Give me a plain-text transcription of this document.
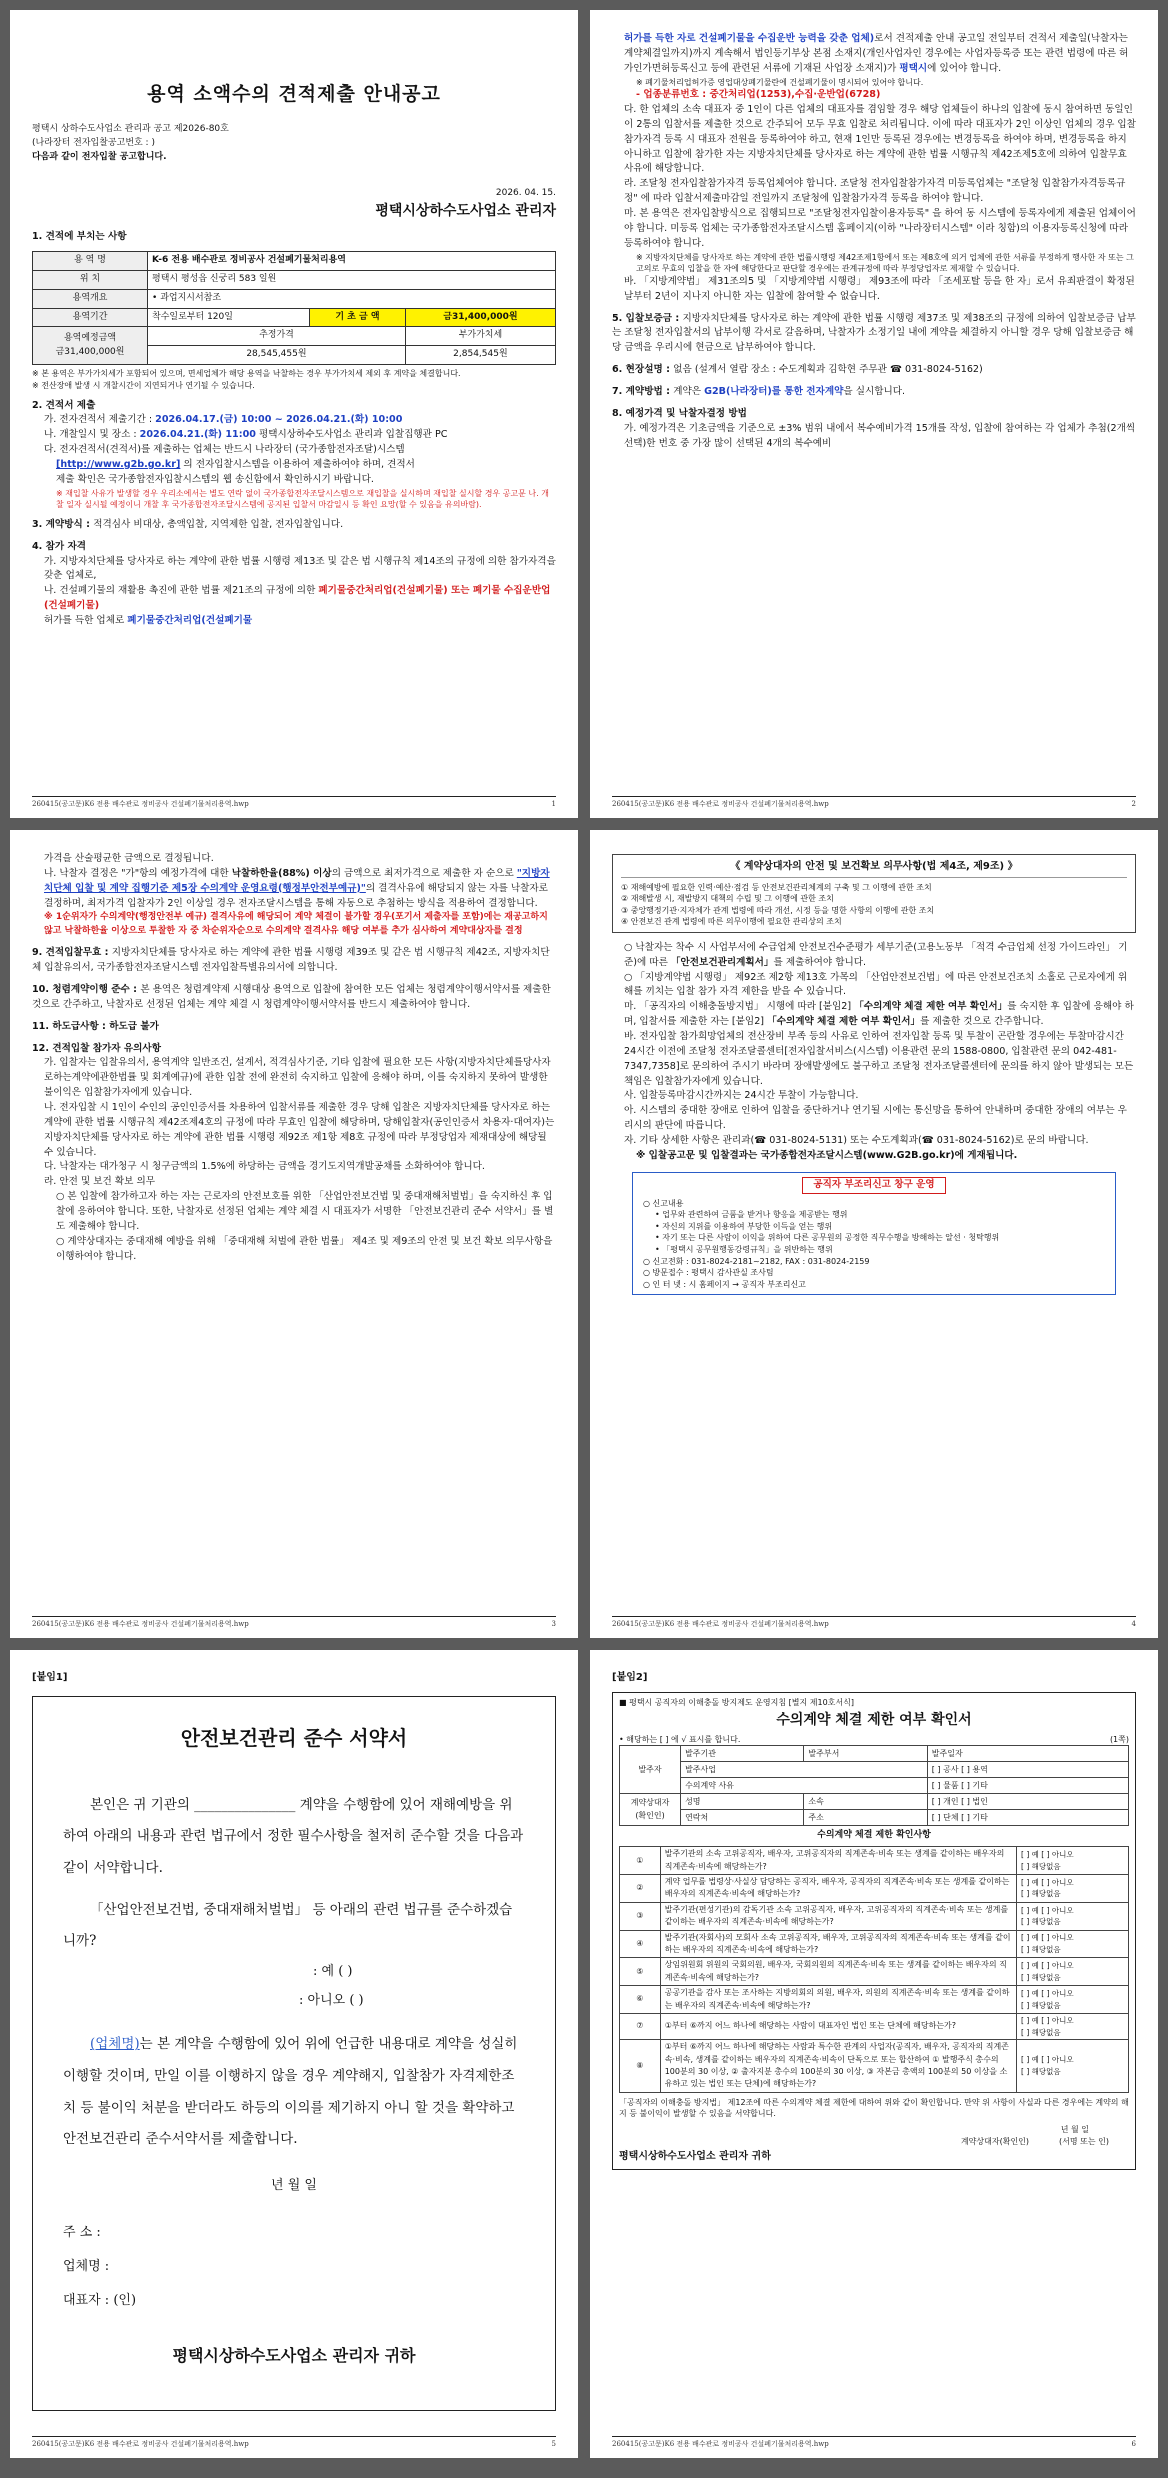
용역 소액수의 견적제출 안내공고
평택시 상하수도사업소 관리과 공고 제2026-80호
(나라장터 전자입찰공고번호 : )
다음과 같이 전자입찰 공고합니다.
2026. 04. 15.
평택시상하수도사업소 관리자
1. 견적에 부치는 사항
용 역 명	K-6 전용 배수관로 정비공사 건설폐기물처리용역		
위 치	평택시 평성읍 신궁리 583 일원		
용역개요	• 과업지시서참조		
용역기간	착수일로부터 120일	기 초 금 액	금31,400,000원
용역예정금액
금31,400,000원	추정가격		부가가치세
	28,545,455원		2,854,545원
※ 본 용역은 부가가치세가 포함되어 있으며, 면세업체가 해당 용역을 낙찰하는 경우 부가가치세 제외 후 계약을 체결합니다.
※ 전산장애 발생 시 개찰시간이 지연되거나 연기될 수 있습니다.
2. 견적서 제출
가. 전자견적서 제출기간 : 2026.04.17.(금) 10:00 ~ 2026.04.21.(화) 10:00
나. 개찰일시 및 장소 : 2026.04.21.(화) 11:00 평택시상하수도사업소 관리과 입찰집행관 PC
다. 전자견적서(견적서)를 제출하는 업체는 반드시 나라장터 (국가종합전자조달)시스템
[http://www.g2b.go.kr] 의 전자입찰시스템을 이용하여 제출하여야 하며, 견적서
제출 확인은 국가종합전자입찰시스템의 웹 송신함에서 확인하시기 바랍니다.
※ 재입찰 사유가 발생할 경우 우리소에서는 별도 연락 없이 국가종합전자조달시스템으로 재입찰을 실시하며 재입찰 실시할 경우 공고문 나. 개찰 일자 실시될 예정이니 개찰 후 국가종합전자조달시스템에 공지된 입찰서 마감일시 등 확인 요망(할 수 있음을 유의바람).
3. 계약방식 : 적격심사 비대상, 총액입찰, 지역제한 입찰, 전자입찰입니다.
4. 참가 자격
가. 지방자치단체를 당사자로 하는 계약에 관한 법률 시행령 제13조 및 같은 법 시행규칙 제14조의 규정에 의한 참가자격을 갖춘 업체로,
나. 건설폐기물의 재활용 촉진에 관한 법률 제21조의 규정에 의한 폐기물중간처리업(건설폐기물) 또는 폐기물 수집운반업(건설폐기물)
허가를 득한 업체로 폐기물중간처리업(건설폐기물
260415(공고문)K6 전용 배수관로 정비공사 건설폐기물처리용역.hwp	1
허가를 득한 자로 건설폐기물을 수집운반 능력을 갖춘 업체)로서 견적제출 안내 공고일 전일부터 견적서 제출일(낙찰자는 계약체결일까지)까지 계속해서 법인등기부상 본점 소재지(개인사업자인 경우에는 사업자등록증 또는 관련 법령에 따른 허가인가면허등록신고 등에 관련된 서류에 기재된 사업장 소재지)가 평택시에 있어야 합니다.
※ 폐기물처리업허가증 영업대상폐기물란에 건설폐기물이 명시되어 있어야 합니다.
- 업종분류번호 : 중간처리업(1253),수집·운반업(6728)
다. 한 업체의 소속 대표자 중 1인이 다른 업체의 대표자를 겸임할 경우 해당 업체들이 하나의 입찰에 동시 참여하면 동일인이 2통의 입찰서를 제출한 것으로 간주되어 모두 무효 입찰로 처리됩니다. 이에 따라 대표자가 2인 이상인 업체의 경우 입찰참가자격 등록 시 대표자 전원을 등록하여야 하고, 현재 1인만 등록된 경우에는 변경등록을 하여야 하며, 변경등록을 하지 아니하고 입찰에 참가한 자는 지방자치단체를 당사자로 하는 계약에 관한 법률 시행규칙 제42조제5호에 의하여 입찰무효사유에 해당합니다.
라. 조달청 전자입찰참가자격 등록업체여야 합니다. 조달청 전자입찰참가자격 미등록업체는 "조달청 입찰참가자격등록규정" 에 따라 입찰서제출마감일 전일까지 조달청에 입찰참가자격 등록을 하여야 합니다.
마. 본 용역은 전자입찰방식으로 집행되므로 "조달청전자입찰이용자등록" 을 하여 동 시스템에 등록자에게 제출된 업체이어야 합니다. 미등록 업체는 국가종합전자조달시스템 홈페이지(이하 "나라장터시스템" 이라 칭함)의 이용자등록신청에 따라 등록하여야 합니다.
※ 지방자치단체를 당사자로 하는 계약에 관한 법률시행령 제42조제1항에서 또는 제8호에 의거 업체에 관한 서류를 부정하게 행사한 자 또는 그 고의로 무효의 입찰을 한 자에 해당한다고 판단할 경우에는 관계규정에 따라 부정당업자로 제재할 수 있습니다.
바. 「지방계약법」 제31조의5 및 「지방계약법 시행령」 제93조에 따라 「조세포탈 등을 한 자」로서 유죄판결이 확정된 날부터 2년이 지나지 아니한 자는 입찰에 참여할 수 없습니다.
5. 입찰보증금 : 지방자치단체를 당사자로 하는 계약에 관한 법률 시행령 제37조 및 제38조의 규정에 의하여 입찰보증금 납부는 조달청 전자입찰서의 납부이행 각서로 갈음하며, 낙찰자가 소정기일 내에 계약을 체결하지 아니할 경우 당해 입찰보증금 해당 금액을 우리시에 현금으로 납부하여야 합니다.
6. 현장설명 : 없음 (설계서 열람 장소 : 수도계획과 김학현 주무관 ☎ 031-8024-5162)
7. 계약방법 : 계약은 G2B(나라장터)를 통한 전자계약을 실시합니다.
8. 예정가격 및 낙찰자결정 방법
가. 예정가격은 기초금액을 기준으로 ±3% 범위 내에서 복수예비가격 15개를 작성, 입찰에 참여하는 각 업체가 추첨(2개씩 선택)한 번호 중 가장 많이 선택된 4개의 복수예비
260415(공고문)K6 전용 배수관로 정비공사 건설폐기물처리용역.hwp	2
가격을 산술평균한 금액으로 결정됩니다.
나. 낙찰자 결정은 "가"항의 예정가격에 대한 낙찰하한율(88%) 이상의 금액으로 최저가격으로 제출한 자 순으로 "지방자치단체 입찰 및 계약 집행기준 제5장 수의계약 운영요령(행정부안전부예규)"의 결격사유에 해당되지 않는 자를 낙찰자로 결정하며, 최저가격 입찰자가 2인 이상일 경우 전자조달시스템을 통해 자동으로 추첨하는 방식을 적용하여 결정합니다.
※ 1순위자가 수의계약(행정안전부 예규) 결격사유에 해당되어 계약 체결이 불가할 경우(포기서 제출자를 포함)에는 재공고하지 않고 낙찰하한율 이상으로 투찰한 자 중 차순위자순으로 수의계약 결격사유 해당 여부를 추가 심사하여 계약대상자를 결정
9. 견적입찰무효 : 지방자치단체를 당사자로 하는 계약에 관한 법률 시행령 제39조 및 같은 법 시행규칙 제42조, 지방자치단체 입찰유의서, 국가종합전자조달시스템 전자입찰특별유의서에 의합니다.
10. 청렴계약이행 준수 : 본 용역은 청렴계약제 시행대상 용역으로 입찰에 참여한 모든 업체는 청렴계약이행서약서를 제출한 것으로 간주하고, 낙찰자로 선정된 업체는 계약 체결 시 청렴계약이행서약서를 반드시 제출하여야 합니다.
11. 하도급사항 : 하도급 불가
12. 견적입찰 참가자 유의사항
가. 입찰자는 입찰유의서, 용역계약 일반조건, 설계서, 적격심사기준, 기타 입찰에 필요한 모든 사항(지방자치단체를당사자로하는계약에관한법률 및 회계예규)에 관한 입찰 전에 완전히 숙지하고 입찰에 응해야 하며, 이를 숙지하지 못하여 발생한 불이익은 입찰참가자에게 있습니다.
나. 전자입찰 시 1인이 수인의 공인인증서를 차용하여 입찰서류를 제출한 경우 당해 입찰은 지방자치단체를 당사자로 하는 계약에 관한 법률 시행규칙 제42조제4호의 규정에 따라 무효인 입찰에 해당하며, 당해입찰자(공인인증서 차용자·대여자)는 지방자치단체를 당사자로 하는 계약에 관한 법률 시행령 제92조 제1항 제8호 규정에 따라 부정당업자 제재대상에 해당될 수 있습니다.
다. 낙찰자는 대가청구 시 청구금액의 1.5%에 하당하는 금액을 경기도지역개발공채를 소화하여야 합니다.
라. 안전 및 보건 확보 의무
○ 본 입찰에 참가하고자 하는 자는 근로자의 안전보호를 위한 「산업안전보건법 및 중대재해처벌법」을 숙지하신 후 입찰에 응하여야 합니다. 또한, 낙찰자로 선정된 업체는 계약 체결 시 대표자가 서명한 「안전보건관리 준수 서약서」를 별도 제출해야 합니다.
○ 계약상대자는 중대재해 예방을 위해 「중대재해 처벌에 관한 법률」 제4조 및 제9조의 안전 및 보건 확보 의무사항을 이행하여야 합니다.
260415(공고문)K6 전용 배수관로 정비공사 건설폐기물처리용역.hwp	3
《 계약상대자의 안전 및 보건확보 의무사항(법 제4조, 제9조) 》
① 재해예방에 필요한 인력·예산·점검 등 안전보건관리체계의 구축 및 그 이행에 관한 조치
② 재해발생 시, 재발방지 대책의 수립 및 그 이행에 관한 조치
③ 중앙행정기관·지자체가 관계 법령에 따라 개선, 시정 등을 명한 사항의 이행에 관한 조치
④ 안전보건 관계 법령에 따른 의무이행에 필요한 관리상의 조치
○ 낙찰자는 착수 시 사업부서에 수급업체 안전보건수준평가 세부기준(고용노동부 「적격 수급업체 선정 가이드라인」 기준)에 따른 「안전보건관리계획서」를 제출하여야 합니다.
○ 「지방계약법 시행령」 제92조 제2항 제13호 가목의 「산업안전보건법」에 따른 안전보건조치 소홀로 근로자에게 위해를 끼치는 입찰 참가 자격 제한을 받을 수 있습니다.
마. 「공직자의 이해충돌방지법」 시행에 따라 [붙임2] 「수의계약 체결 제한 여부 확인서」를 숙지한 후 입찰에 응해야 하며, 입찰서를 제출한 자는 [붙임2] 「수의계약 체결 제한 여부 확인서」를 제출한 것으로 간주합니다.
바. 전자입찰 참가희망업체의 전산장비 부족 등의 사유로 인하여 전자입찰 등록 및 투찰이 곤란할 경우에는 투찰마감시간 24시간 이전에 조달청 전자조달콜센터[전자입찰서비스(시스템) 이용관련 문의 1588-0800, 입찰관련 문의 042-481-7347,7358]로 문의하여 주시기 바라며 장애발생에도 불구하고 조달청 전자조달콜센터에 문의를 하지 않아 발생되는 모든 책임은 입찰참가자에게 있습니다.
사. 입찰등록마감시간까지는 24시간 투찰이 가능합니다.
아. 시스템의 중대한 장애로 인하여 입찰을 중단하거나 연기될 시에는 통신망을 통하여 안내하며 중대한 장애의 여부는 우리시의 판단에 따릅니다.
자. 기타 상세한 사항은 관리과(☎ 031-8024-5131) 또는 수도계획과(☎ 031-8024-5162)로 문의 바랍니다.
※ 입찰공고문 및 입찰결과는 국가종합전자조달시스템(www.G2B.go.kr)에 게재됩니다.
공직자 부조리신고 창구 운영
○ 신고내용
• 업무와 관련하여 금품을 받거나 향응을 제공받는 행위
• 자신의 지위를 이용하여 부당한 이득을 얻는 행위
• 자기 또는 다른 사람이 이익을 위하여 다른 공무원의 공정한 직무수행을 방해하는 알선 · 청탁행위
• 「평택시 공무원행동강령규칙」을 위반하는 행위
○ 신고전화 : 031-8024-2181~2182, FAX : 031-8024-2159
○ 방문접수 : 평택시 감사관실 조사팀
○ 인 터 넷 : 시 홈페이지 → 공직자 부조리신고
260415(공고문)K6 전용 배수관로 정비공사 건설폐기물처리용역.hwp	4
[붙임1]
안전보건관리 준수 서약서

본인은 귀 기관의 _______________ 계약을 수행함에 있어 재해예방을 위하여 아래의 내용과 관련 법규에서 정한 필수사항을 철저히 준수할 것을 다음과 같이 서약합니다.

「산업안전보건법, 중대재해처벌법」 등 아래의 관련 법규를 준수하겠습니까?

: 예 ( )
: 아니오 ( )

(업체명)는 본 계약을 수행함에 있어 위에 언급한 내용대로 계약을 성실히 이행할 것이며, 만일 이를 이행하지 않을 경우 계약해지, 입찰참가 자격제한조치 등 불이익 처분을 받더라도 하등의 이의를 제기하지 아니 할 것을 확약하고 안전보건관리 준수서약서를 제출합니다.

년 월 일
주 소 :
업체명 :
대표자 : (인)
평택시상하수도사업소 관리자 귀하
260415(공고문)K6 전용 배수관로 정비공사 건설폐기물처리용역.hwp	5
[붙임2]
■ 평택시 공직자의 이해충돌 방지제도 운영지침 [별지 제10호서식]
수의계약 체결 제한 여부 확인서
• 해당하는 [ ] 에 √ 표시를 합니다.	(1쪽)
발주자	발주기관	발주부서	발주일자
	발주사업		[ ] 공사 [ ] 용역
	수의계약 사유		[ ] 물품 [ ] 기타
계약상대자
(확인인)	성명	소속	[ ] 개인 [ ] 법인
	연락처	주소	[ ] 단체 [ ] 기타
수의계약 체결 제한 확인사항
①	발주기관의 소속 고위공직자, 배우자, 고위공직자의 직계존속·비속 또는 생계를 같이하는 배우자의 직계존속·비속에 해당하는가?	[ ] 예 [ ] 아니오
[ ] 해당없음

②	계약 업무를 법령상·사실상 담당하는 공직자, 배우자, 공직자의 직계존속·비속 또는 생계를 같이하는 배우자의 직계존속·비속에 해당하는가?	[ ] 예 [ ] 아니오
[ ] 해당없음

③	발주기관(편성기관)의 감독기관 소속 고위공직자, 배우자, 고위공직자의 직계존속·비속 또는 생계를 같이하는 배우자의 직계존속·비속에 해당하는가?	[ ] 예 [ ] 아니오
[ ] 해당없음

④	발주기관(자회사)의 모회사 소속 고위공직자, 배우자, 고위공직자의 직계존속·비속 또는 생계를 같이하는 배우자의 직계존속·비속에 해당하는가?	[ ] 예 [ ] 아니오
[ ] 해당없음

⑤	상임위원회 위원의 국회의원, 배우자, 국회의원의 직계존속·비속 또는 생계를 같이하는 배우자의 직계존속·비속에 해당하는가?	[ ] 예 [ ] 아니오
[ ] 해당없음

⑥	공공기관을 감사 또는 조사하는 지방의회의 의원, 배우자, 의원의 직계존속·비속 또는 생계를 같이하는 배우자의 직계존속·비속에 해당하는가?	[ ] 예 [ ] 아니오
[ ] 해당없음

⑦	①부터 ⑥까지 어느 하나에 해당하는 사람이 대표자인 법인 또는 단체에 해당하는가?	[ ] 예 [ ] 아니오
[ ] 해당없음

⑧	①부터 ⑥까지 어느 하나에 해당하는 사람과 특수한 관계의 사업자(공직자, 배우자, 공직자의 직계존속·비속, 생계를 같이하는 배우자의 직계존속·비속이 단독으로 또는 합산하여 ① 발행주식 총수의 100분의 30 이상, ② 출자지분 총수의 100분의 30 이상, ③ 자본금 총액의 100분의 50 이상을 소유하고 있는 법인 또는 단체)에 해당하는가?	[ ] 예 [ ] 아니오
[ ] 해당없음
「공직자의 이해충돌 방지법」 제12조에 따른 수의계약 체결 제한에 대하여 위와 같이 확인합니다. 만약 위 사항이 사실과 다른 경우에는 계약의 해지 등 불이익이 발생할 수 있음을 서약합니다.
년 월 일
계약상대자(확인인)	(서명 또는 인)
평택시상하수도사업소 관리자 귀하
260415(공고문)K6 전용 배수관로 정비공사 건설폐기물처리용역.hwp	6
